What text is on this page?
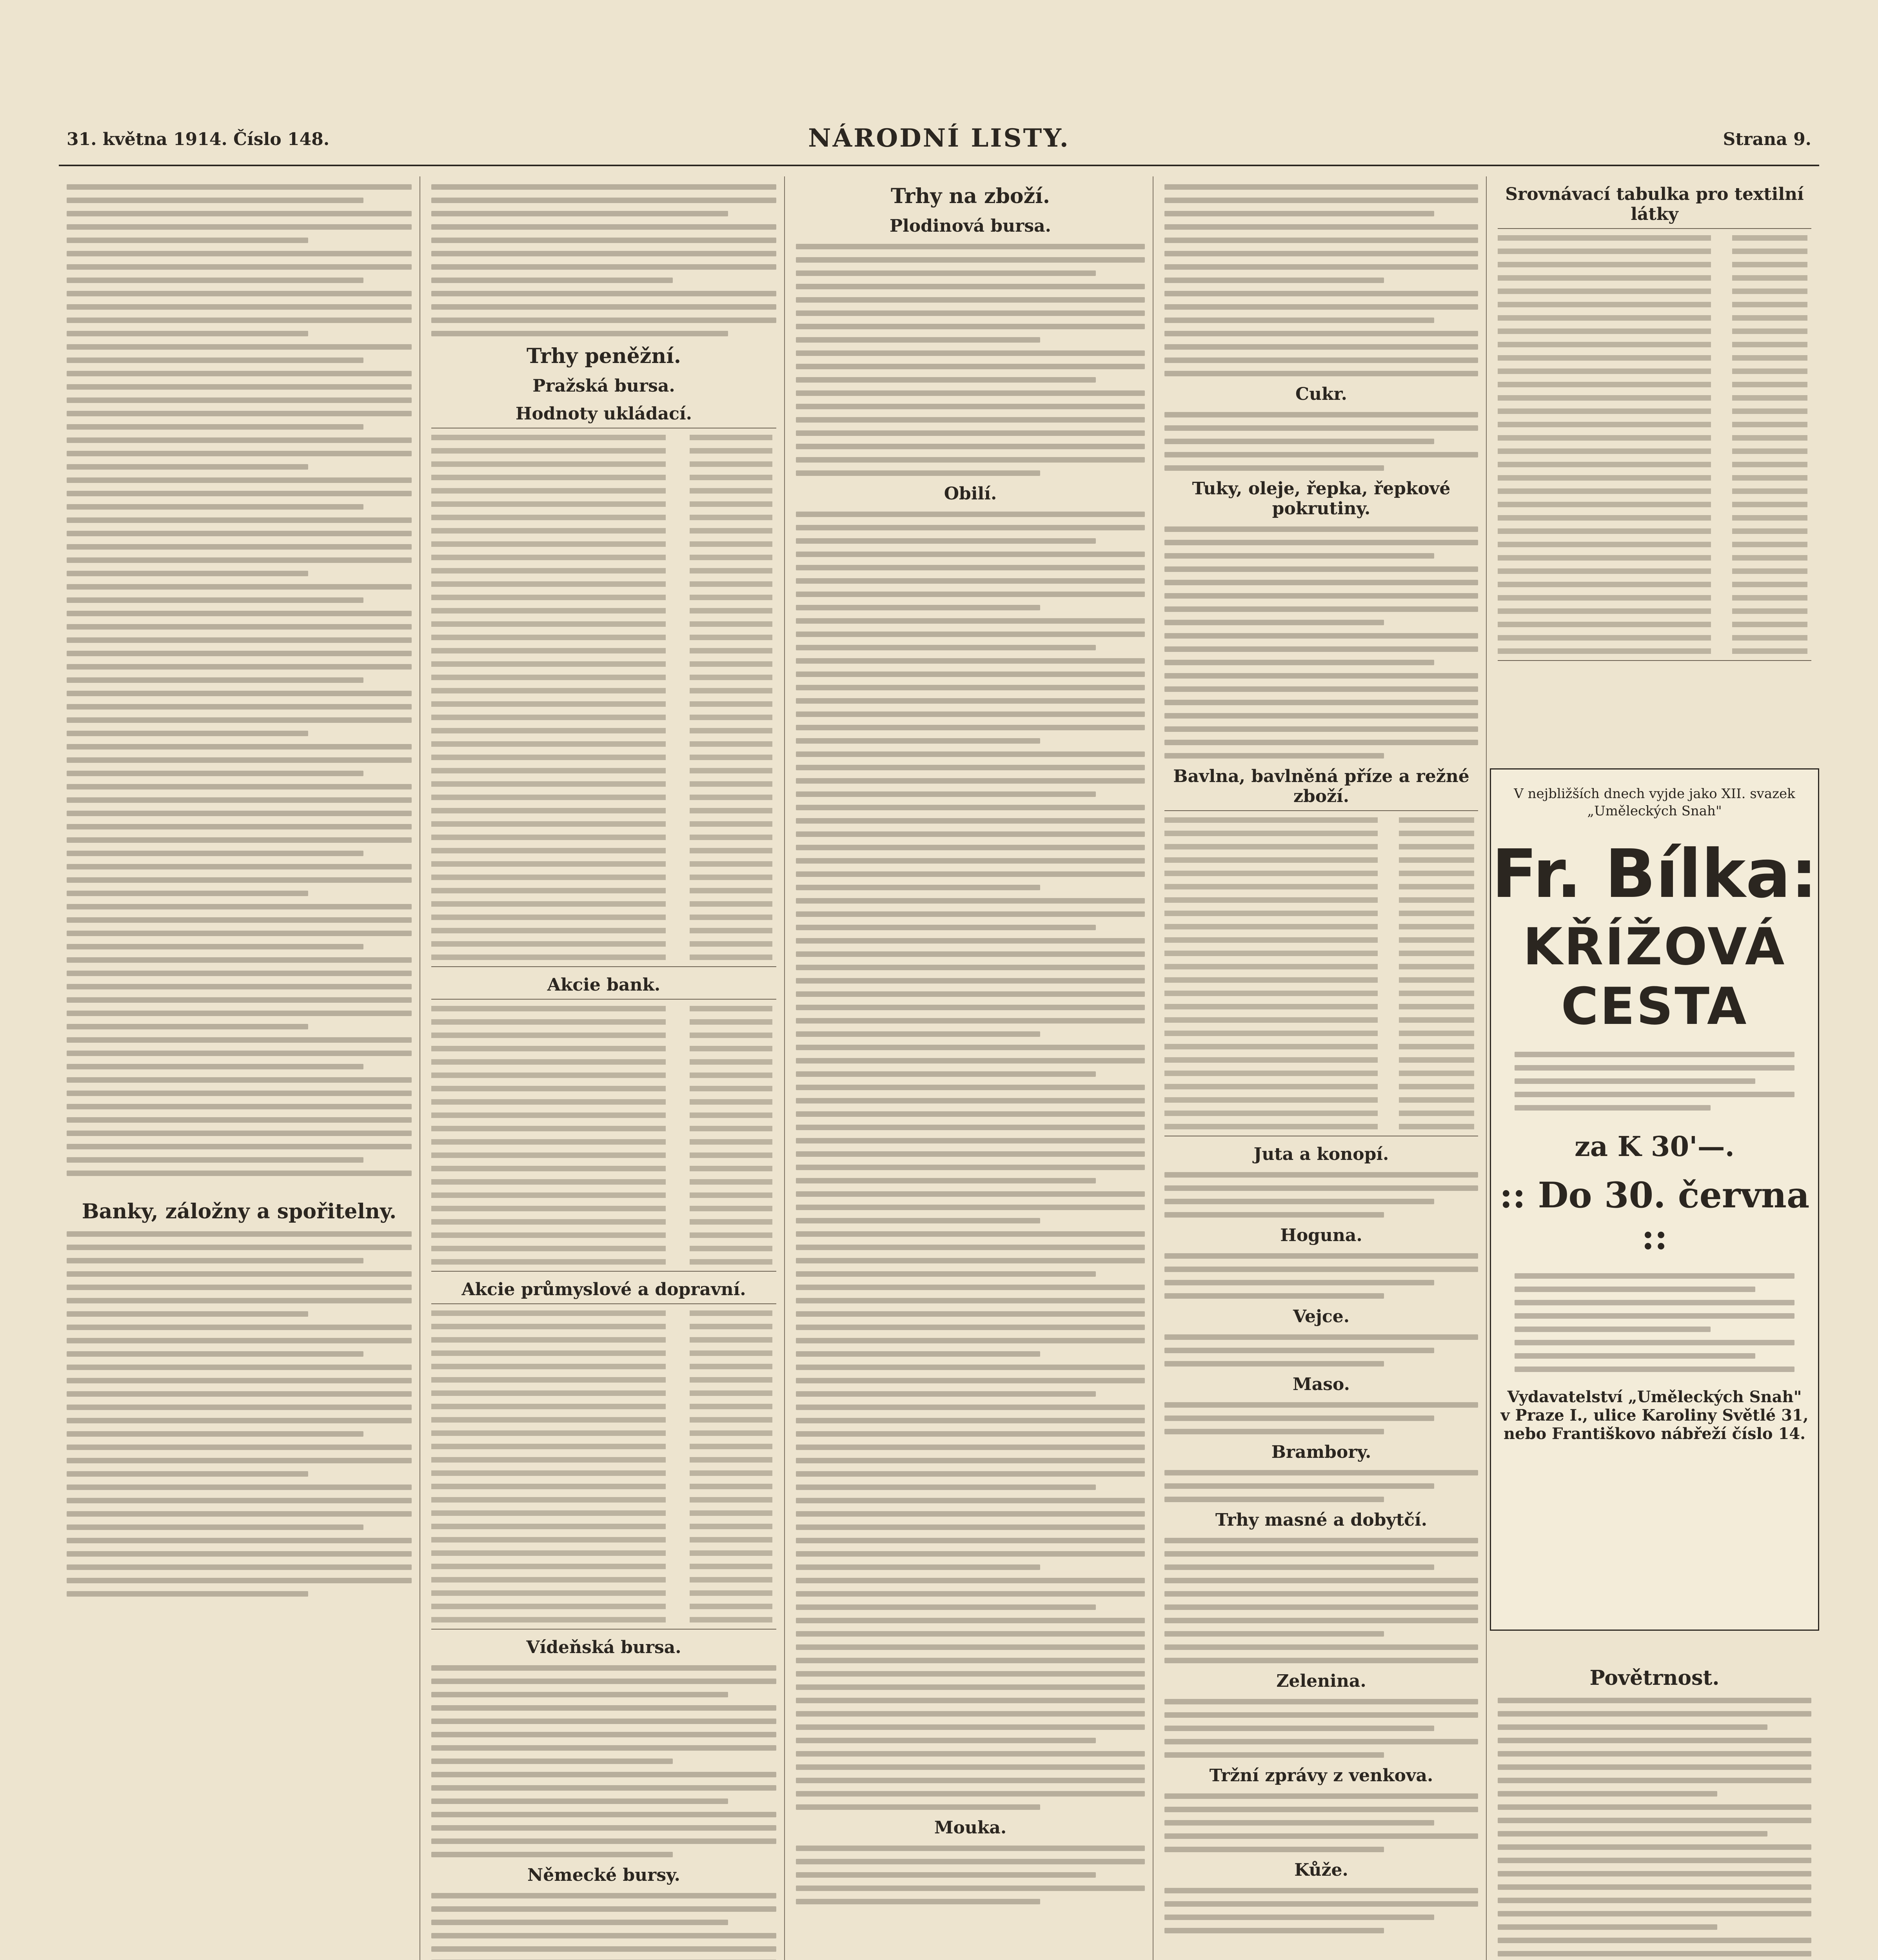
31. května 1914. Číslo 148.	NÁRODNÍ LISTY.	Strana 9.
Banky, záložny a spořitelny.
Trhy peněžní.
Pražská bursa.
Hodnoty ukládací.
Akcie bank.
Akcie průmyslové a dopravní.
Vídeňská bursa.
Německé bursy.
Trhy na zboží.
Plodinová bursa.
Obilí.
Mouka.
Cukr.
Tuky, oleje, řepka, řepkové pokrutiny.
Bavlna, bavlněná příze a režné zboží.
Juta a konopí.
Hoguna.
Vejce.
Maso.
Brambory.
Trhy masné a dobytčí.
Zelenina.
Tržní zprávy z venkova.
Kůže.
Srovnávací tabulka pro textilní látky
V nejbližších dnech vyjde jako XII. svazek „Uměleckých Snah"
Fr. Bílka:
KŘÍŽOVÁ CESTA
za K 30'—.
:: Do 30. června ::
Vydavatelství „Uměleckých Snah"
v Praze I., ulice Karoliny Světlé 31,
nebo Františkovo nábřeží číslo 14.
Povětrnost.
